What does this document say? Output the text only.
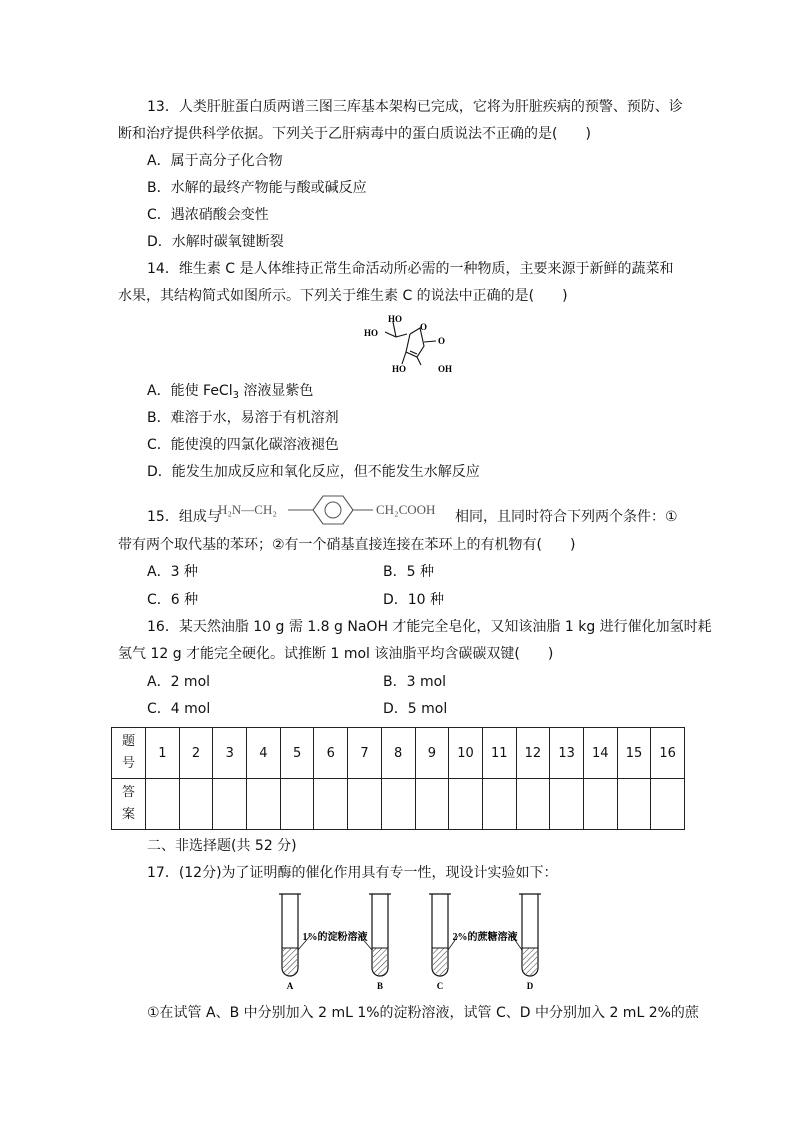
13．人类肝脏蛋白质两谱三图三库基本架构已完成，它将为肝脏疾病的预警、预防、诊
断和治疗提供科学依据。下列关于乙肝病毒中的蛋白质说法不正确的是(　　)
A．属于高分子化合物
B．水解的最终产物能与酸或碱反应
C．遇浓硝酸会变性
D．水解时碳氧键断裂
14．维生素 C 是人体维持正常生命活动所必需的一种物质，主要来源于新鲜的蔬菜和
水果，其结构简式如图所示。下列关于维生素 C 的说法中正确的是(　　)
HO
HO
O
O
HO	OH
A．能使 FeCl$_3$ 溶液显紫色
B．难溶于水，易溶于有机溶剂
C．能使溴的四氯化碳溶液褪色
D．能发生加成反应和氧化反应，但不能发生水解反应
15．组成与
H₂N—CH₂	CH₂COOH 相同，且同时符合下列两个条件：①
带有两个取代基的苯环；②有一个硝基直接连接在苯环上的有机物有(　　)
A．3 种	B．5 种
C．6 种	D．10 种
16．某天然油脂 10 g 需 1.8 g NaOH 才能完全皂化，又知该油脂 1 kg 进行催化加氢时耗
氢气 12 g 才能完全硬化。试推断 1 mol 该油脂平均含碳碳双键(　　)
A．2 mol	B．3 mol
C．4 mol	D．5 mol
题
号	1	2	3	4	5	6	7	8	9	10	11	12	13	14	15	16
答
案																
二、非选择题(共 52 分)
17．(12分)为了证明酶的催化作用具有专一性，现设计实验如下：
1%的淀粉溶液	2%的蔗糖溶液
A	B	C	D
①在试管 A、B 中分别加入 2 mL 1%的淀粉溶液，试管 C、D 中分别加入 2 mL 2%的蔗
